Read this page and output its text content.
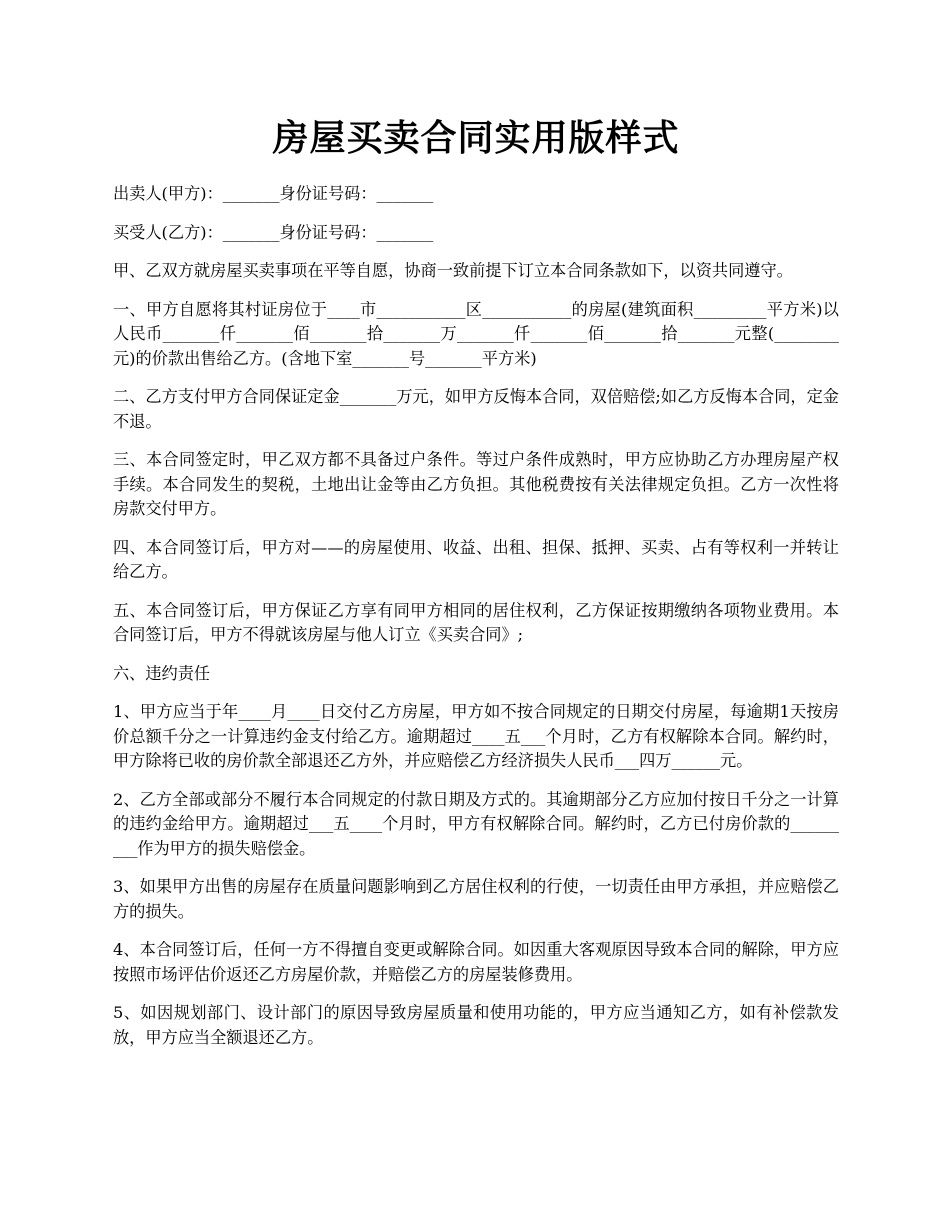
房屋买卖合同实用版样式

出卖人(甲方)：_______身份证号码：_______

买受人(乙方)：_______身份证号码：_______

甲、乙双方就房屋买卖事项在平等自愿，协商一致前提下订立本合同条款如下，以资共同遵守。

一、甲方自愿将其村证房位于____市___________区___________的房屋(建筑面积_________平方米)以人民币_______仟_______佰_______拾_______万_______仟_______佰_______拾_______元整(________ 元)的价款出售给乙方。(含地下室_______号_______平方米)

二、乙方支付甲方合同保证定金_______万元，如甲方反悔本合同，双倍赔偿;如乙方反悔本合同，定金不退。

三、本合同签定时，甲乙双方都不具备过户条件。等过户条件成熟时，甲方应协助乙方办理房屋产权手续。本合同发生的契税，土地出让金等由乙方负担。其他税费按有关法律规定负担。乙方一次性将房款交付甲方。

四、本合同签订后，甲方对——的房屋使用、收益、出租、担保、抵押、买卖、占有等权利一并转让给乙方。

五、本合同签订后，甲方保证乙方享有同甲方相同的居住权利，乙方保证按期缴纳各项物业费用。本合同签订后，甲方不得就该房屋与他人订立《买卖合同》;

六、违约责任

1、甲方应当于年____月____日交付乙方房屋，甲方如不按合同规定的日期交付房屋，每逾期1天按房价总额千分之一计算违约金支付给乙方。逾期超过____五___个月时，乙方有权解除本合同。解约时，甲方除将已收的房价款全部退还乙方外，并应赔偿乙方经济损失人民币___四万______元。

2、乙方全部或部分不履行本合同规定的付款日期及方式的。其逾期部分乙方应加付按日千分之一计算的违约金给甲方。逾期超过___五____个月时，甲方有权解除合同。解约时，乙方已付房价款的_________作为甲方的损失赔偿金。

3、如果甲方出售的房屋存在质量问题影响到乙方居住权利的行使，一切责任由甲方承担，并应赔偿乙方的损失。

4、本合同签订后，任何一方不得擅自变更或解除合同。如因重大客观原因导致本合同的解除，甲方应按照市场评估价返还乙方房屋价款，并赔偿乙方的房屋装修费用。

5、如因规划部门、设计部门的原因导致房屋质量和使用功能的，甲方应当通知乙方，如有补偿款发放，甲方应当全额退还乙方。
